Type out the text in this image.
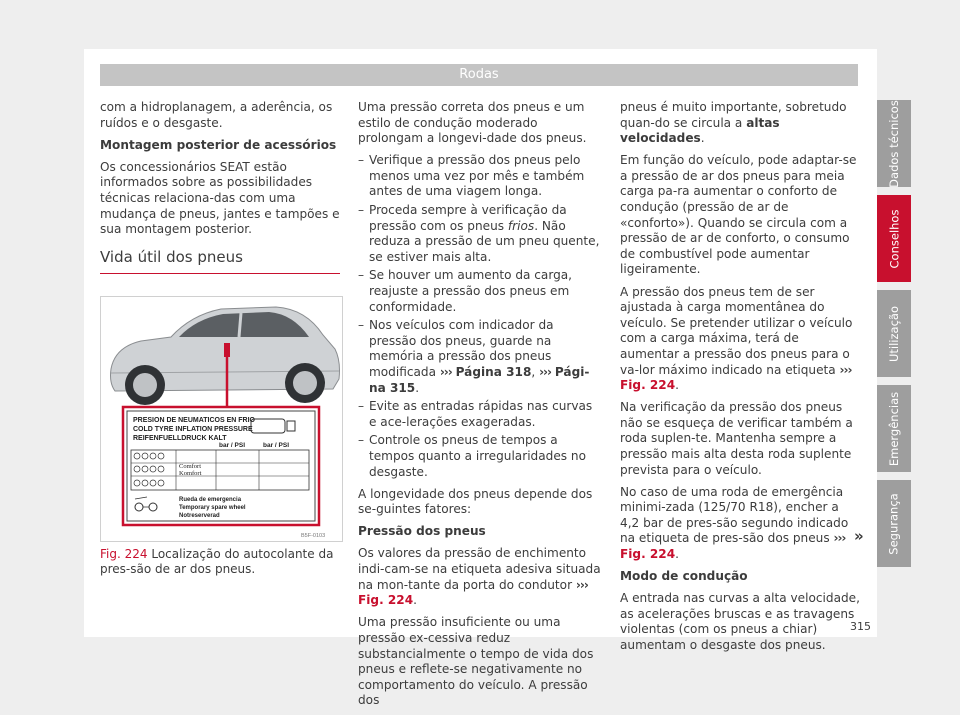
Rodas

com a hidroplanagem, a aderência, os ruídos e o desgaste.

Montagem posterior de acessórios

Os concessionários SEAT estão informados sobre as possibilidades técnicas relaciona-das com uma mudança de pneus, jantes e tampões e sua montagem posterior.

Vida útil dos pneus
PRESION DE NEUMATICOS EN FRIO
COLD TYRE INFLATION PRESSURE
REIFENFUELLDRUCK KALT
bar / PSI	bar / PSI
Comfort
Komfort
Rueda de emergencia
Temporary spare wheel
Notreserverad
B5F-0103
Fig. 224 Localização do autocolante da pres-são de ar dos pneus.

Uma pressão correta dos pneus e um estilo de condução moderado prolongam a longevi-dade dos pneus.

– Verifique a pressão dos pneus pelo menos uma vez por mês e também antes de uma viagem longa.
– Proceda sempre à verificação da pressão com os pneus frios. Não reduza a pressão de um pneu quente, se estiver mais alta.
– Se houver um aumento da carga, reajuste a pressão dos pneus em conformidade.
– Nos veículos com indicador da pressão dos pneus, guarde na memória a pressão dos pneus modificada ››› Página 318, ››› Pági-na 315.
– Evite as entradas rápidas nas curvas e ace-lerações exageradas.
– Controle os pneus de tempos a tempos quanto a irregularidades no desgaste.

A longevidade dos pneus depende dos se-guintes fatores:

Pressão dos pneus

Os valores da pressão de enchimento indi-cam-se na etiqueta adesiva situada na mon-tante da porta do condutor ››› Fig. 224.

Uma pressão insuficiente ou uma pressão ex-cessiva reduz substancialmente o tempo de vida dos pneus e reflete-se negativamente no comportamento do veículo. A pressão dos

pneus é muito importante, sobretudo quan-do se circula a altas velocidades.

Em função do veículo, pode adaptar-se a pressão de ar dos pneus para meia carga pa-ra aumentar o conforto de condução (pressão de ar de «conforto»). Quando se circula com a pressão de ar de conforto, o consumo de combustível pode aumentar ligeiramente.

A pressão dos pneus tem de ser ajustada à carga momentânea do veículo. Se pretender utilizar o veículo com a carga máxima, terá de aumentar a pressão dos pneus para o va-lor máximo indicado na etiqueta ››› Fig. 224.

Na verificação da pressão dos pneus não se esqueça de verificar também a roda suplen-te. Mantenha sempre a pressão mais alta desta roda suplente prevista para o veículo.

No caso de uma roda de emergência minimi-zada (125/70 R18), encher a 4,2 bar de pres-são segundo indicado na etiqueta de pres-são dos pneus ››› Fig. 224.

Modo de condução

A entrada nas curvas a alta velocidade, as acelerações bruscas e as travagens violentas (com os pneus a chiar) aumentam o desgaste dos pneus.

»
Dados técnicos
Conselhos
Utilização
Emergências
Segurança
315
